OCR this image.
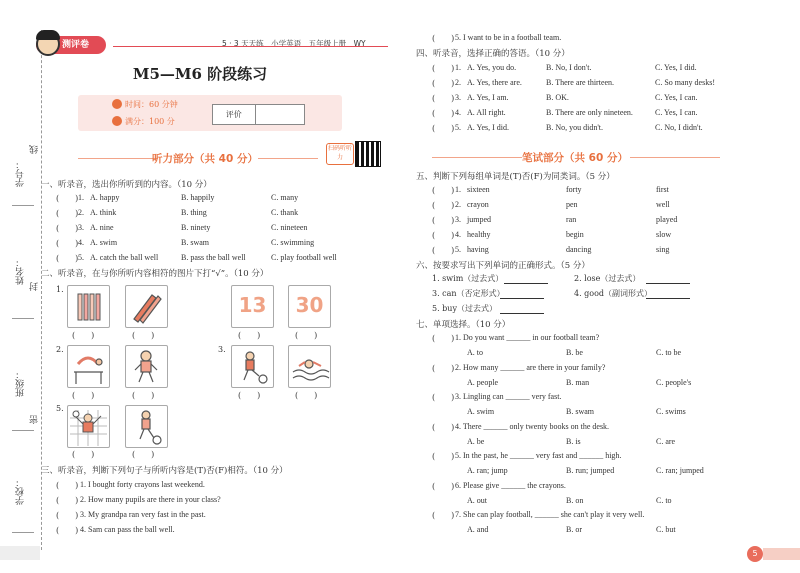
学号：
线
姓名：
封
班级：
密
学校：
测评卷	5 · 3 天天练　小学英语　五年级上册　WY
M5—M6 阶段练习
时间：60 分钟
满分：100 分
评价
听力部分（共 40 分）
扫码听听力
一、听录音，选出你所听到的内容。（10 分）
二、听录音，在与你所听内容相符的图片下打“√”。（10 分）
1.
13	30
(　　)	(　　)	(　　)	(　　)
2.	3.
(　　)	(　　)	(　　)	(　　)
5.
(　　)	(　　)
三、听录音，判断下列句子与所听内容是(T)否(F)相符。（10 分）
(　　) 5. I want to be in a football team.
四、听录音，选择正确的答语。（10 分）
笔试部分（共 60 分）
五、判断下列每组单词是(T)否(F)为同类词。（5 分）
六、按要求写出下列单词的正确形式。（5 分）
1. swim（过去式）	2. lose（过去式）
3. can（否定形式）	4. good（副词形式）
5. buy（过去式）
七、单项选择。（10 分）
5
(　　) 1. A. happy	B. happily	C. many
(　　) 2. A. think	B. thing	C. thank
(　　) 3. A. nine	B. ninety	C. nineteen
(　　) 4. A. swim	B. swam	C. swimming
(　　) 5. A. catch the ball well	B. pass the ball well	C. play football well
(　　) 1. I bought forty crayons last weekend.
(　　) 2. How many pupils are there in your class?
(　　) 3. My grandpa ran very fast in the past.
(　　) 4. Sam can pass the ball well.
(　　) 1. A. Yes, you do.	B. No, I don't.	C. Yes, I did.
(　　) 2. A. Yes, there are.	B. There are thirteen.	C. So many desks!
(　　) 3. A. Yes, I am.	B. OK.	C. Yes, I can.
(　　) 4. A. All right.	B. There are only nineteen.	C. Yes, I can.
(　　) 5. A. Yes, I did.	B. No, you didn't.	C. No, I didn't.
(　　) 1. sixteen	forty	first
(　　) 2. crayon	pen	well
(　　) 3. jumped	ran	played
(　　) 4. healthy	begin	slow
(　　) 5. having	dancing	sing
(　　) 1. Do you want ______ in our football team?
A. to	B. be	C. to be
(　　) 2. How many ______ are there in your family?
A. people	B. man	C. people's
(　　) 3. Lingling can ______ very fast.
A. swim	B. swam	C. swims
(　　) 4. There ______ only twenty books on the desk.
A. be	B. is	C. are
(　　) 5. In the past, he ______ very fast and ______ high.
A. ran; jump	B. run; jumped	C. ran; jumped
(　　) 6. Please give ______ the crayons.
A. out	B. on	C. to
(　　) 7. She can play football, ______ she can't play it very well.
A. and	B. or	C. but
